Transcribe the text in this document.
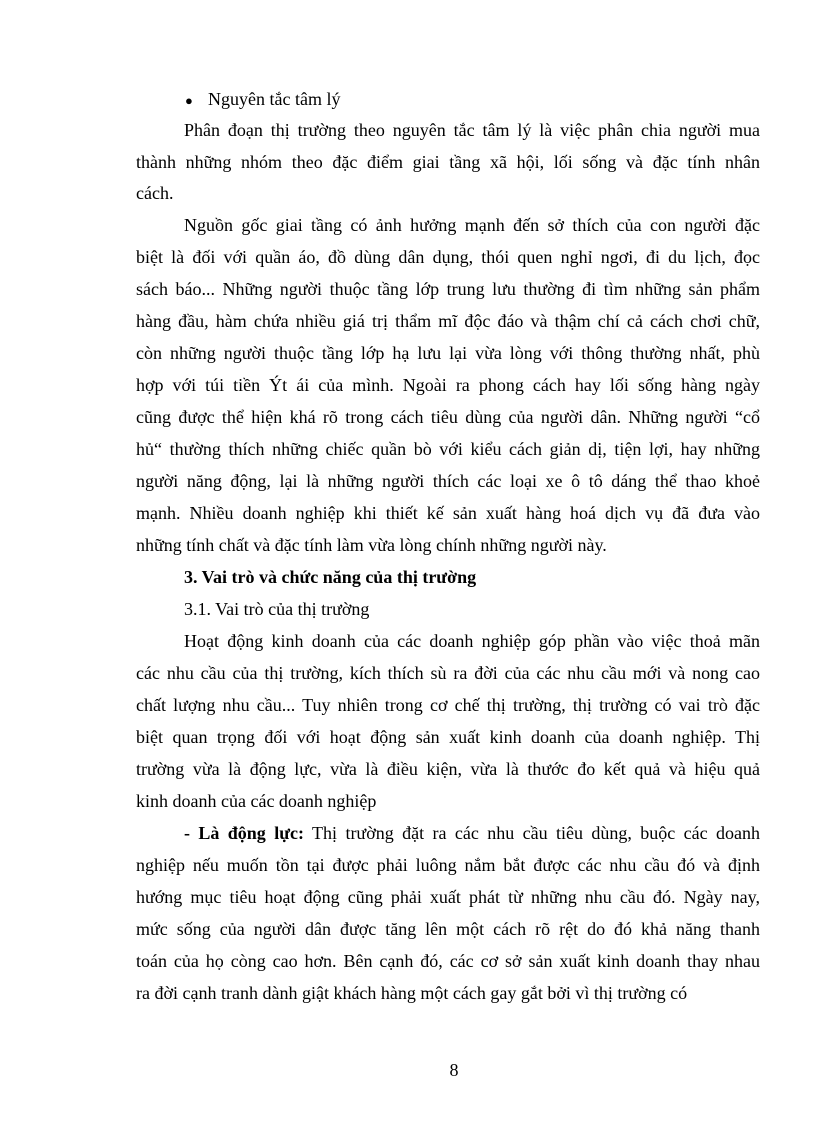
● Nguyên tắc tâm lý
Phân đoạn thị trường theo nguyên tắc tâm lý là việc phân chia người mua
thành những nhóm theo đặc điểm giai tầng xã hội, lối sống và đặc tính nhân
cách.
Nguồn gốc giai tầng có ảnh hưởng mạnh đến sở thích của con người đặc
biệt là đối với quần áo, đồ dùng dân dụng, thói quen nghỉ ngơi, đi du lịch, đọc
sách báo... Những người thuộc tầng lớp trung lưu thường đi tìm những sản phẩm
hàng đầu, hàm chứa nhiều giá trị thẩm mĩ độc đáo và thậm chí cả cách chơi chữ,
còn những người thuộc tầng lớp hạ lưu lại vừa lòng với thông thường nhất, phù
hợp với túi tiền Ýt ái của mình. Ngoài ra phong cách hay lối sống hàng ngày
cũng được thể hiện khá rõ trong cách tiêu dùng của người dân. Những người “cổ
hủ“ thường thích những chiếc quần bò với kiểu cách giản dị, tiện lợi, hay những
người năng động, lại là những người thích các loại xe ô tô dáng thể thao khoẻ
mạnh. Nhiều doanh nghiệp khi thiết kế sản xuất hàng hoá dịch vụ đã đưa vào
những tính chất và đặc tính làm vừa lòng chính những người này.
3. Vai trò và chức năng của thị trường
3.1. Vai trò của thị trường
Hoạt động kinh doanh của các doanh nghiệp góp phần vào việc thoả mãn
các nhu cầu của thị trường, kích thích sù ra đời của các nhu cầu mới và nong cao
chất lượng nhu cầu... Tuy nhiên trong cơ chế thị trường, thị trường có vai trò đặc
biệt quan trọng đối với hoạt động sản xuất kinh doanh của doanh nghiệp. Thị
trường vừa là động lực, vừa là điều kiện, vừa là thước đo kết quả và hiệu quả
kinh doanh của các doanh nghiệp
- Là động lực: Thị trường đặt ra các nhu cầu tiêu dùng, buộc các doanh
nghiệp nếu muốn tồn tại được phải luông nắm bắt được các nhu cầu đó và định
hướng mục tiêu hoạt động cũng phải xuất phát từ những nhu cầu đó. Ngày nay,
mức sống của người dân được tăng lên một cách rõ rệt do đó khả năng thanh
toán của họ còng cao hơn. Bên cạnh đó, các cơ sở sản xuất kinh doanh thay nhau
ra đời cạnh tranh dành giật khách hàng một cách gay gắt bởi vì thị trường có
8
